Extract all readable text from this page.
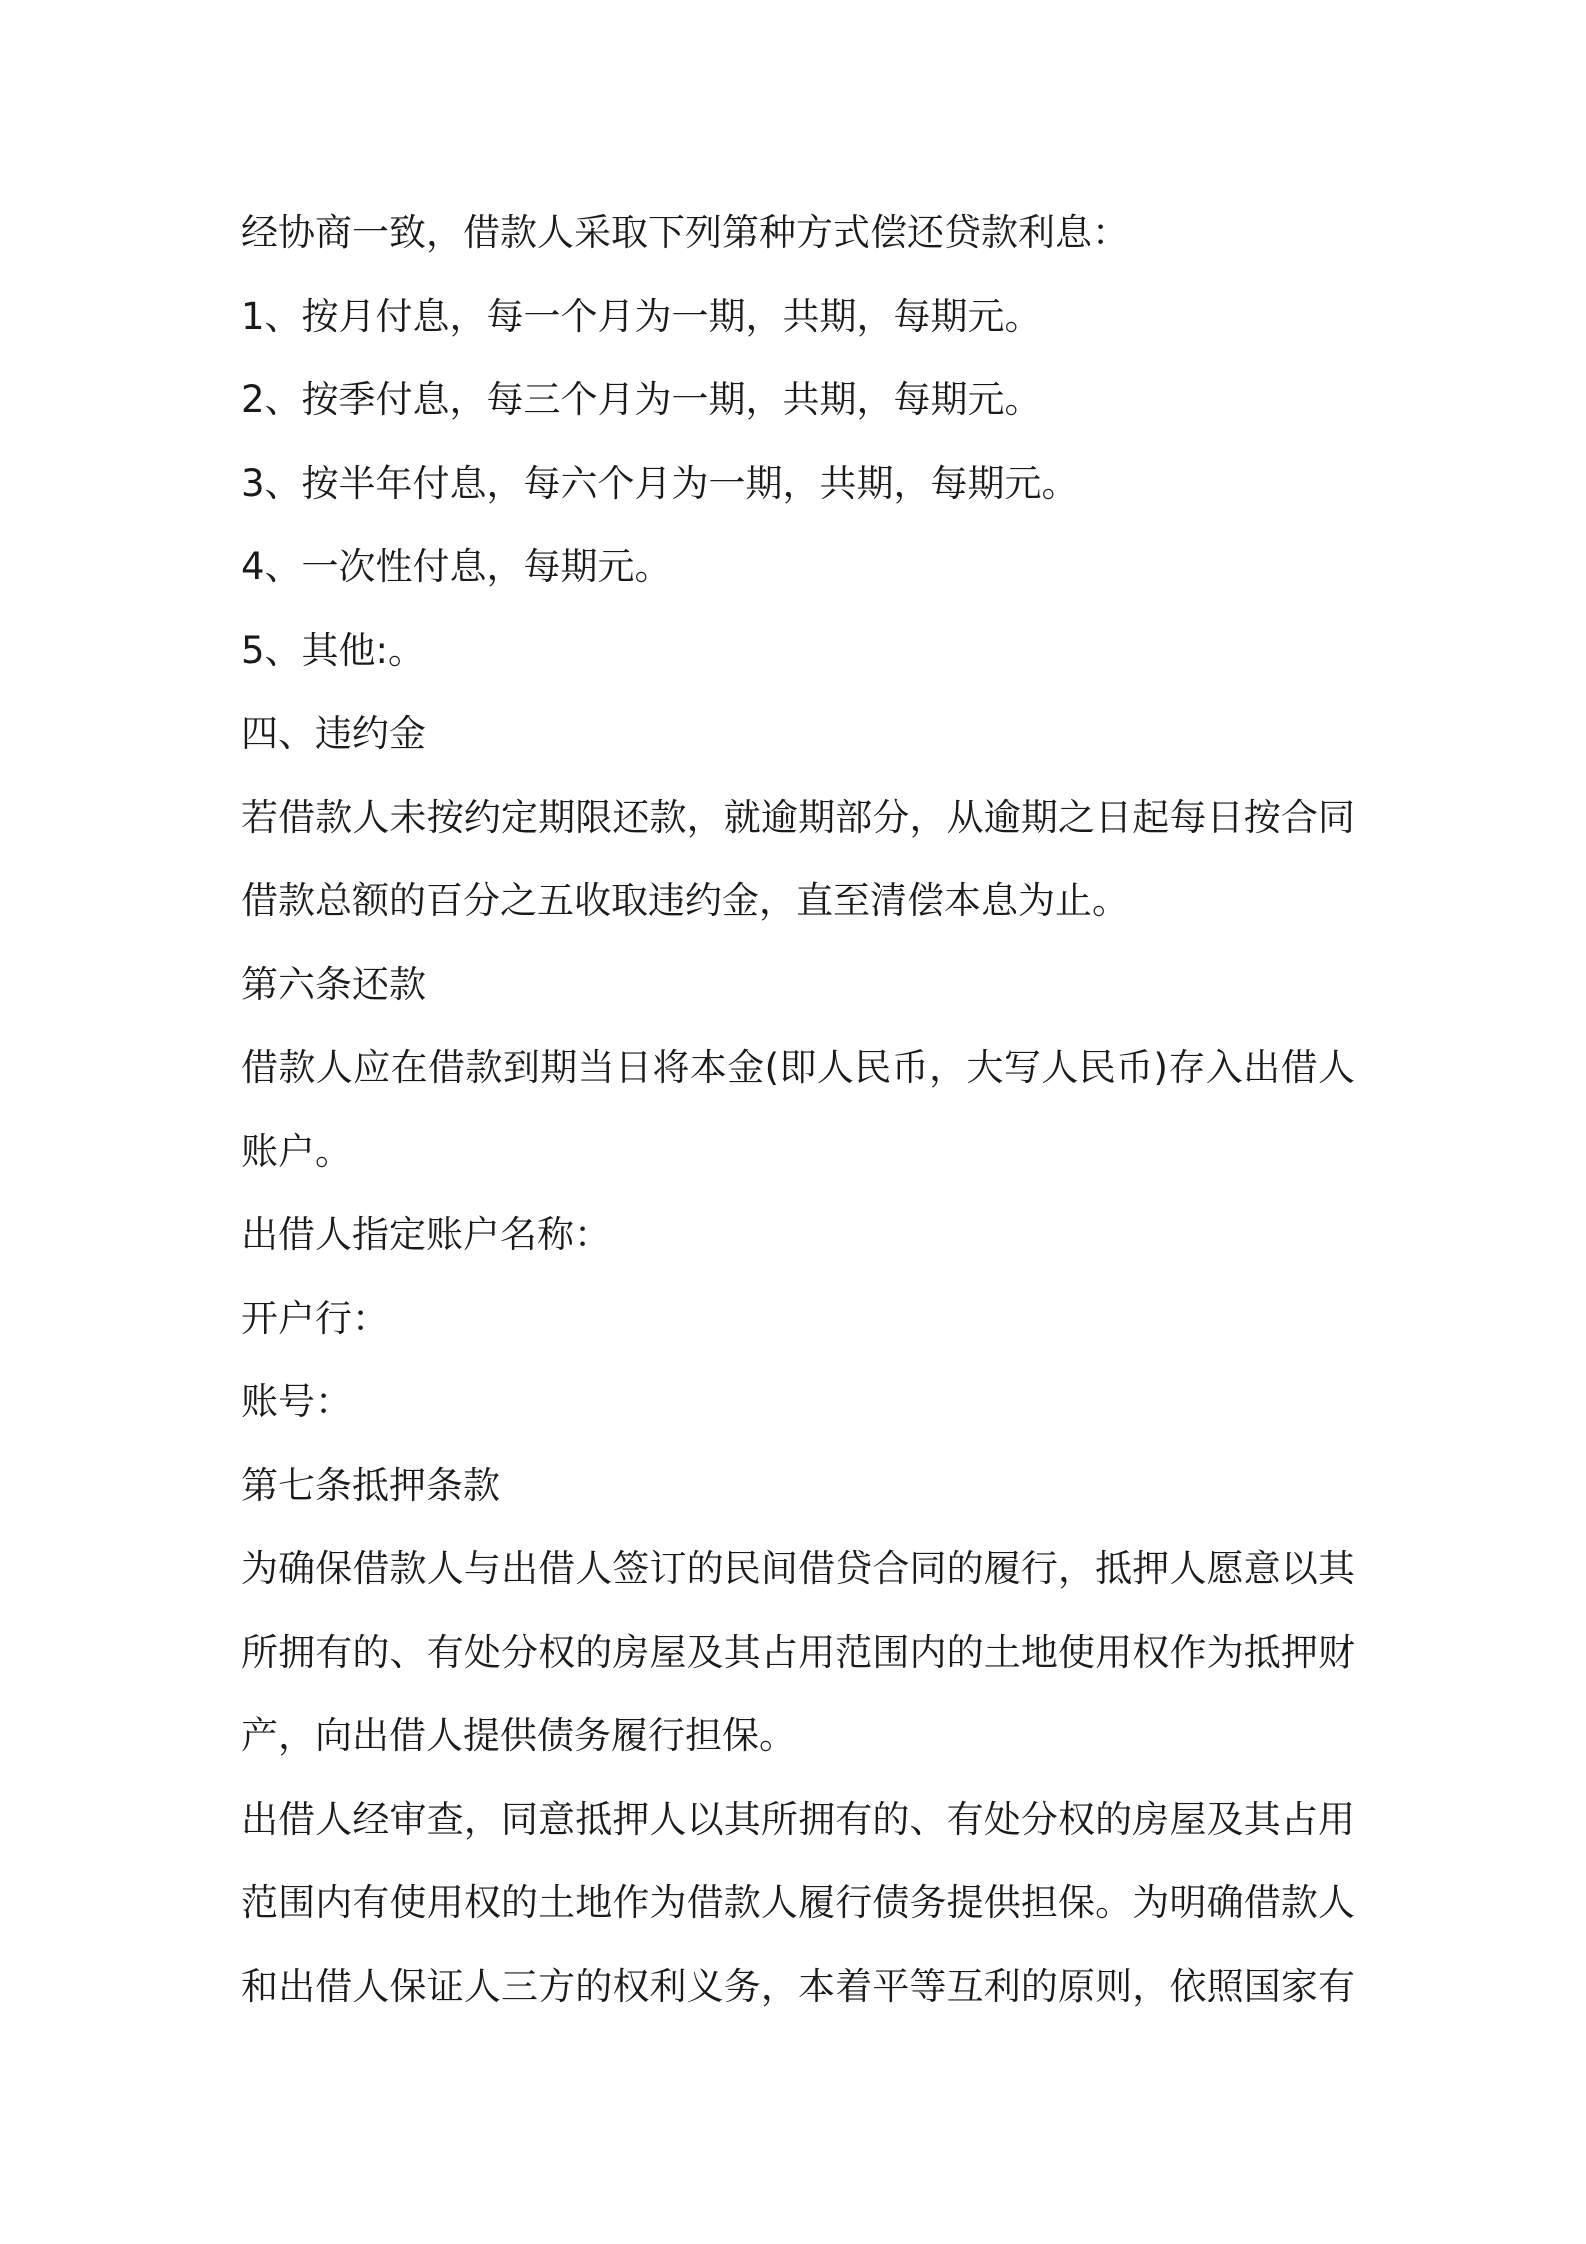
经协商一致，借款人采取下列第种方式偿还贷款利息：
1、按月付息，每一个月为一期，共期，每期元。
2、按季付息，每三个月为一期，共期，每期元。
3、按半年付息，每六个月为一期，共期，每期元。
4、一次性付息，每期元。
5、其他:。
四、违约金
若借款人未按约定期限还款，就逾期部分，从逾期之日起每日按合同
借款总额的百分之五收取违约金，直至清偿本息为止。
第六条还款
借款人应在借款到期当日将本金(即人民币，大写人民币)存入出借人
账户。
出借人指定账户名称：
开户行：
账号：
第七条抵押条款
为确保借款人与出借人签订的民间借贷合同的履行，抵押人愿意以其
所拥有的、有处分权的房屋及其占用范围内的土地使用权作为抵押财
产，向出借人提供债务履行担保。
出借人经审查，同意抵押人以其所拥有的、有处分权的房屋及其占用
范围内有使用权的土地作为借款人履行债务提供担保。为明确借款人
和出借人保证人三方的权利义务，本着平等互利的原则，依照国家有
